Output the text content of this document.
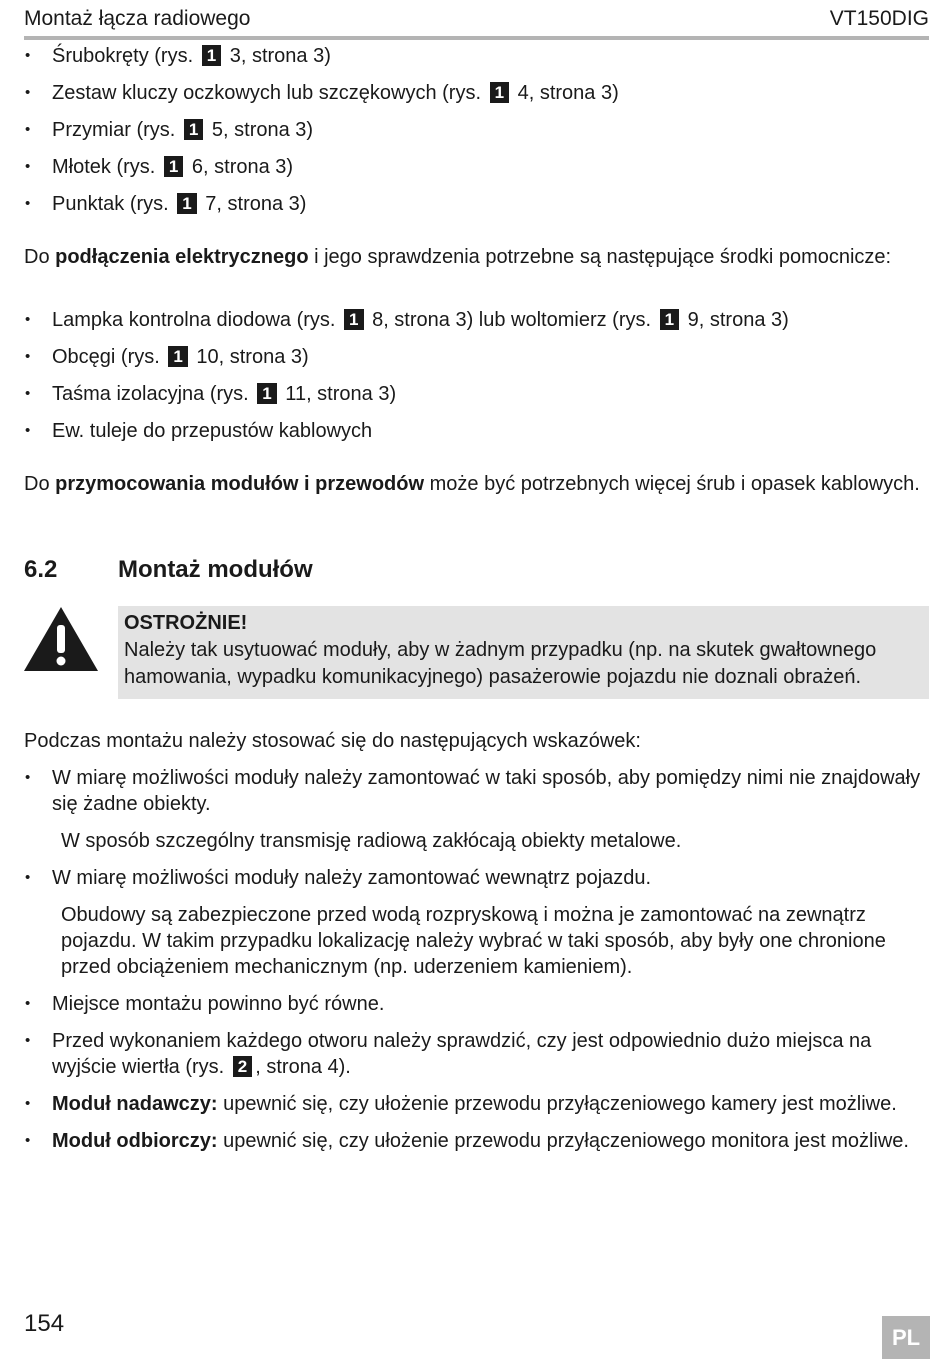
Montaż łącza radiowego	VT150DIG
• Śrubokręty (rys. 1 3, strona 3)
• Zestaw kluczy oczkowych lub szczękowych (rys. 1 4, strona 3)
• Przymiar (rys. 1 5, strona 3)
• Młotek (rys. 1 6, strona 3)
• Punktak (rys. 1 7, strona 3)
Do podłączenia elektrycznego i jego sprawdzenia potrzebne są następujące środki pomocnicze:
• Lampka kontrolna diodowa (rys. 1 8, strona 3) lub woltomierz (rys. 1 9, strona 3)
• Obcęgi (rys. 1 10, strona 3)
• Taśma izolacyjna (rys. 1 11, strona 3)
• Ew. tuleje do przepustów kablowych
Do przymocowania modułów i przewodów może być potrzebnych więcej śrub i opasek kablowych.
6.2	Montaż modułów
OSTROŻNIE!
Należy tak usytuować moduły, aby w żadnym przypadku (np. na skutek gwałtownego hamowania, wypadku komunikacyjnego) pasażerowie pojazdu nie doznali obrażeń.
Podczas montażu należy stosować się do następujących wskazówek:
• W miarę możliwości moduły należy zamontować w taki sposób, aby pomiędzy nimi nie znajdowały się żadne obiekty.
W sposób szczególny transmisję radiową zakłócają obiekty metalowe.
• W miarę możliwości moduły należy zamontować wewnątrz pojazdu.
Obudowy są zabezpieczone przed wodą rozpryskową i można je zamontować na zewnątrz pojazdu. W takim przypadku lokalizację należy wybrać w taki sposób, aby były one chronione przed obciążeniem mechanicznym (np. uderzeniem kamieniem).
• Miejsce montażu powinno być równe.
• Przed wykonaniem każdego otworu należy sprawdzić, czy jest odpowiednio dużo miejsca na wyjście wiertła (rys. 2 , strona 4).
• Moduł nadawczy: upewnić się, czy ułożenie przewodu przyłączeniowego kamery jest możliwe.
• Moduł odbiorczy: upewnić się, czy ułożenie przewodu przyłączeniowego monitora jest możliwe.
154	PL
